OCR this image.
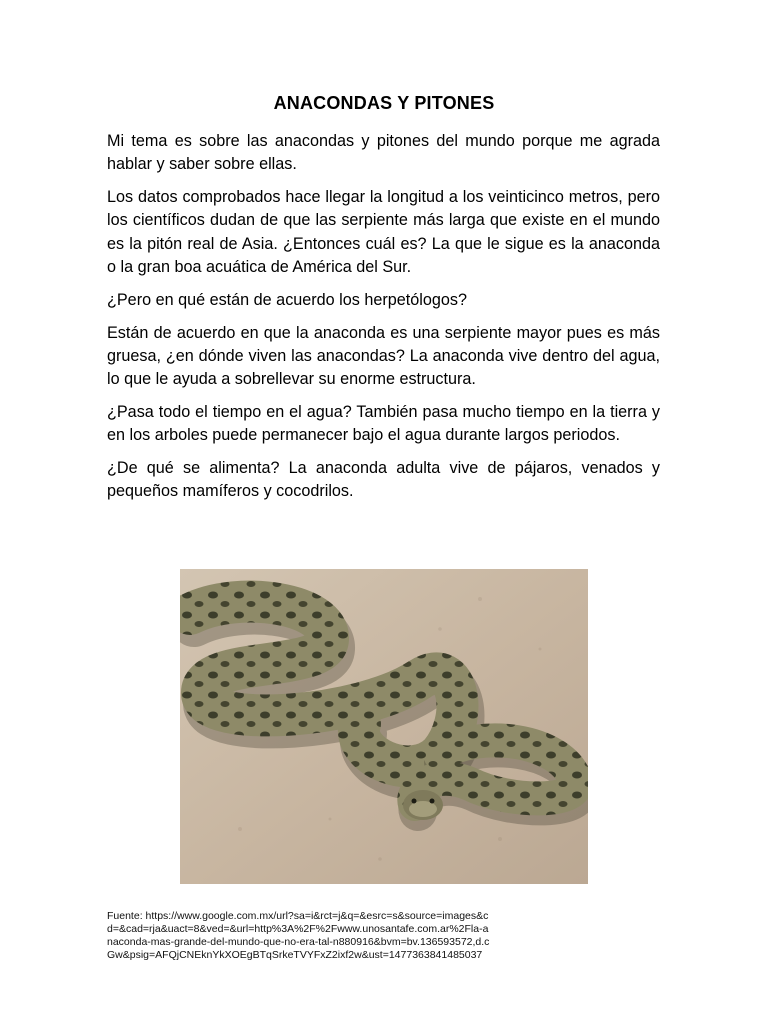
ANACONDAS Y PITONES

Mi tema es sobre las anacondas y pitones del mundo porque me agrada hablar y saber sobre ellas.

Los datos comprobados hace llegar la longitud a los veinticinco metros, pero los científicos dudan de que las serpiente más larga que existe en el mundo es la pitón real de Asia. ¿Entonces cuál es? La que le sigue es la anaconda o la gran boa acuática de América del Sur.

¿Pero en qué están de acuerdo los herpetólogos?

Están de acuerdo en que la anaconda es una serpiente mayor pues es más gruesa, ¿en dónde viven las anacondas? La anaconda vive dentro del agua, lo que le ayuda a sobrellevar su enorme estructura.

¿Pasa todo el tiempo en el agua? También pasa mucho tiempo en la tierra y en los arboles puede permanecer bajo el agua durante largos periodos.

¿De qué se alimenta? La anaconda adulta vive de pájaros, venados y pequeños mamíferos y cocodrilos.

Fuente: https://www.google.com.mx/url?sa=i&rct=j&q=&esrc=s&source=images&cd=&cad=rja&uact=8&ved=&url=http%3A%2F%2Fwww.unosantafe.com.ar%2Fla-anaconda-mas-grande-del-mundo-que-no-era-tal-n880916&bvm=bv.136593572,d.cGw&psig=AFQjCNEknYkXOEgBTqSrkeTVYFxZ2ixf2w&ust=1477363841485037
